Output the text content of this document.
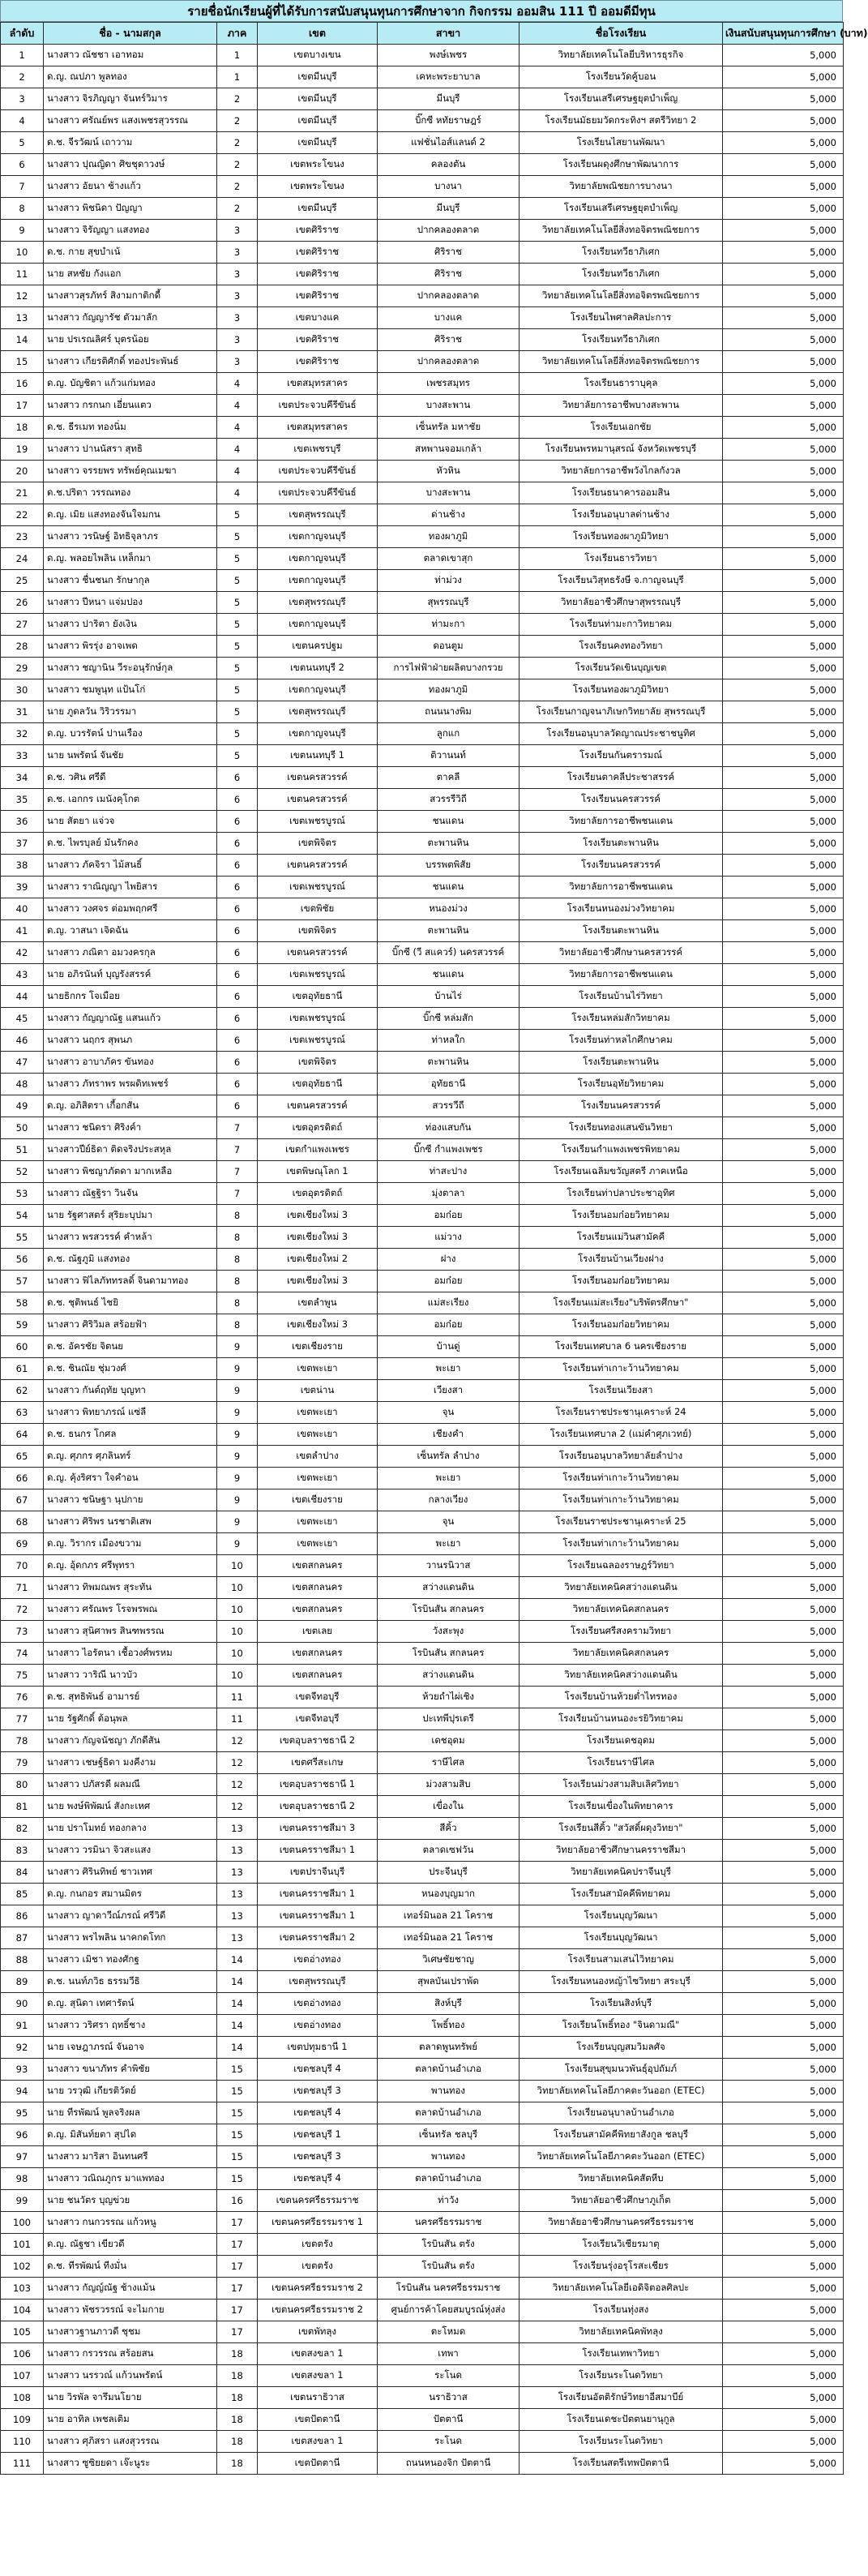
รายชื่อนักเรียนผู้ที่ได้รับการสนับสนุนทุนการศึกษาจาก กิจกรรม ออมสิน 111 ปี ออมดีมีทุน
ลำดับ	ชื่อ - นามสกุล	ภาค	เขต	สาขา	ชื่อโรงเรียน	เงินสนับสนุนทุนการศึกษา (บาท)
1	นางสาว ณัชชา เอาทอม	1	เขตบางเขน	พงษ์เพชร	วิทยาลัยเทคโนโลยีบริหารธุรกิจ	5,000
2	ด.ญ. ณปภา พูลทอง	1	เขตมีนบุรี	เคหะพระยาบาล	โรงเรียนวัดคู้บอน	5,000
3	นางสาว จิรภิญญา จันทร์วิมาร	2	เขตมีนบุรี	มีนบุรี	โรงเรียนเสรีเศรษฐยุตบำเพ็ญ	5,000
4	นางสาว ศรัณย์พร แสงเพชรสุวรรณ	2	เขตมีนบุรี	บิ๊กซี หทัยราษฎร์	โรงเรียนมัธยมวัดกระทิงฯ สตรีวิทยา 2	5,000
5	ด.ช. จีรวัฒน์ เถาวาม	2	เขตมีนบุรี	แฟชั่นไอส์แลนด์ 2	โรงเรียนไสยานพัฒนา	5,000
6	นางสาว ปุณญิดา ศิขชุดาวงษ์	2	เขตพระโขนง	คลองตัน	โรงเรียนผดุงศึกษาพัฒนาการ	5,000
7	นางสาว อัยนา ช้างแก้ว	2	เขตพระโขนง	บางนา	วิทยาลัยพณิชยการบางนา	5,000
8	นางสาว พิชนิดา ปัญญา	2	เขตมีนบุรี	มีนบุรี	โรงเรียนเสรีเศรษฐยุตบำเพ็ญ	5,000
9	นางสาว จิรัญญา แสงทอง	3	เขตศิริราช	ปากคลองตลาด	วิทยาลัยเทคโนโลยีสิ่งทอจิตรพณิชยการ	5,000
10	ด.ช. กาย สุขบำเน้	3	เขตศิริราช	ศิริราช	โรงเรียนทวีธาภิเศก	5,000
11	นาย สหชัย กังแอก	3	เขตศิริราช	ศิริราช	โรงเรียนทวีธาภิเศก	5,000
12	นางสาวสุรภัทร์ สิงามกาติกดี้	3	เขตศิริราช	ปากคลองตลาด	วิทยาลัยเทคโนโลยีสิ่งทอจิตรพณิชยการ	5,000
13	นางสาว กัญญารัช ตัวมาลัก	3	เขตบางแค	บางแค	โรงเรียนไพศาลศิลปะการ	5,000
14	นาย ปรเรณลิศร์ บุตรน้อย	3	เขตศิริราช	ศิริราช	โรงเรียนทวีธาภิเศก	5,000
15	นางสาว เกียรติศักดิ์ ทองประพันธ์	3	เขตศิริราช	ปากคลองตลาด	วิทยาลัยเทคโนโลยีสิ่งทอจิตรพณิชยการ	5,000
16	ด.ญ. บัญชิตา แก้วแก่มทอง	4	เขตสมุทรสาคร	เพชรสมุทร	โรงเรียนธาราบุคุล	5,000
17	นางสาว กรกนก เอี่ยนแตว	4	เขตประจวบคีรีขันธ์	บางสะพาน	วิทยาลัยการอาชีพบางสะพาน	5,000
18	ด.ช. ธีรเมท ทองนิ่ม	4	เขตสมุทรสาคร	เซ็นทรัล มหาชัย	โรงเรียนเอกชัย	5,000
19	นางสาว ปานนัสรา สุทธิ	4	เขตเพชรบุรี	สหพานจอมเกล้า	โรงเรียนพรหมานุสรณ์ จังหวัดเพชรบุรี	5,000
20	นางสาว จรรยพร ทรัพย์คุณเมฆา	4	เขตประจวบคีรีขันธ์	หัวหิน	วิทยาลัยการอาชีพวังไกลกังวล	5,000
21	ด.ช.ปริตา วรรณทอง	4	เขตประจวบคีรีขันธ์	บางสะพาน	โรงเรียนธนาคารออมสิน	5,000
22	ด.ญ. เมิย แสงทองจันใจมกน	5	เขตสุพรรณบุรี	ด่านช้าง	โรงเรียนอนุบาลด่านช้าง	5,000
23	นางสาว วรนิษฐ์ อิทธิจุลาภร	5	เขตกาญจนบุรี	ทองผาภูมิ	โรงเรียนทองผาภูมิวิทยา	5,000
24	ด.ญ. พลอยไพลิน เหล็กมา	5	เขตกาญจนบุรี	ตลาดเขาสุก	โรงเรียนธารวิทยา	5,000
25	นางสาว ชื่นชนก รักษากุล	5	เขตกาญจนบุรี	ท่าม่วง	โรงเรียนวิสุทธรังษี จ.กาญจนบุรี	5,000
26	นางสาว ปีหนา แจ่มปอง	5	เขตสุพรรณบุรี	สุพรรณบุรี	วิทยาลัยอาชีวศึกษาสุพรรณบุรี	5,000
27	นางสาว ปาริตา ยังเงิน	5	เขตกาญจนบุรี	ท่ามะกา	โรงเรียนท่ามะกาวิทยาคม	5,000
28	นางสาว พิรรุ่ง อาจเพด	5	เขตนครปฐม	ดอนตูม	โรงเรียนคงทองวิทยา	5,000
29	นางสาว ชญานิน วีระอนุรักษ์กุล	5	เขตนนทบุรี 2	การไฟฟ้าฝ่ายผลิตบางกรวย	โรงเรียนวัดเขินบุญเขต	5,000
30	นางสาว ชมพูนุท แป้นโก่	5	เขตกาญจนบุรี	ทองผาภูมิ	โรงเรียนทองผาภูมิวิทยา	5,000
31	นาย ภูดลวัน วิริวรรมา	5	เขตสุพรรณบุรี	ถนนนางพิม	โรงเรียนกาญจนาภิเษกวิทยาลัย สุพรรณบุรี	5,000
32	ด.ญ. บวรรัตน์ ปานเรือง	5	เขตกาญจนบุรี	ลูกแก	โรงเรียนอนุบาลวัดญาณประชาชนูทิศ	5,000
33	นาย นพรัตน์ จันชัย	5	เขตนนทบุรี 1	ติวานนท์	โรงเรียนกันตรารมณ์	5,000
34	ด.ช. วศิน ศรีดี	6	เขตนครสวรรค์	ตาคลี	โรงเรียนตาคลีประชาสรรค์	5,000
35	ด.ช. เอกกร เมนังคุโกต	6	เขตนครสวรรค์	สวรรรีวิถี	โรงเรียนนครสวรรค์	5,000
36	นาย สัตยา แจ่วจ	6	เขตเพชรบูรณ์	ชนแดน	วิทยาลัยการอาชีพชนแดน	5,000
37	ด.ช. ไพรบุลย์ มันรักคง	6	เขตพิจิตร	ตะพานหิน	โรงเรียนตะพานหิน	5,000
38	นางสาว ภัคจิรา ไม้สนธิ์	6	เขตนครสวรรค์	บรรพตพิสัย	โรงเรียนนครสวรรค์	5,000
39	นางสาว ราณิญญา ไพยิสาร	6	เขตเพชรบูรณ์	ชนแดน	วิทยาลัยการอาชีพชนแดน	5,000
40	นางสาว วงศจร ต่อมพฤกศรี	6	เขตพิชัย	หนองม่วง	โรงเรียนหนองม่วงวิทยาคม	5,000
41	ด.ญ. วาสนา เจิดฉัน	6	เขตพิจิตร	ตะพานหิน	โรงเรียนตะพานหิน	5,000
42	นางสาว ภณิตา อมวงครกุล	6	เขตนครสวรรค์	บิ๊กซี (วี สแควร์) นครสวรรค์	วิทยาลัยอาชีวศึกษานครสวรรค์	5,000
43	นาย อภิรนันท์ บุญรังสรรค์	6	เขตเพชรบูรณ์	ชนแดน	วิทยาลัยการอาชีพชนแดน	5,000
44	นายธิกกร โจเมือย	6	เขตอุทัยธานี	บ้านไร่	โรงเรียนบ้านไร่วิทยา	5,000
45	นางสาว กัญญาณัฐ แสนแก้ว	6	เขตเพชรบูรณ์	บิ๊กซี หล่มสัก	โรงเรียนหล่มสักวิทยาคม	5,000
46	นางสาว นฤกร สุพนภ	6	เขตเพชรบูรณ์	ท่าหลใก	โรงเรียนท่าหลไกศึกษาคม	5,000
47	นางสาว อาบาภัคร ขันทอง	6	เขตพิจิตร	ตะพานหิน	โรงเรียนตะพานหิน	5,000
48	นางสาว ภัทราพร พรผดิทเพชร์	6	เขตอุทัยธานี	อุทัยธานี	โรงเรียนอุทัยวิทยาคม	5,000
49	ด.ญ. อภิสิตรา เกี้อกสัน	6	เขตนครสวรรค์	สวรรวีถี	โรงเรียนนครสวรรค์	5,000
50	นางสาว ชนิดรา ศิริงค์า	7	เขตอุตรดิตถ์	ท่องแสบกัน	โรงเรียนทองแสนขันวิทยา	5,000
51	นางสาวปีย์ธิดา ติดจริงประสหุล	7	เขตกำแพงเพชร	บิ๊กซี กำแพงเพชร	โรงเรียนกำแพงเพชรพิทยาคม	5,000
52	นางสาว พิชญาภัตดา มากเหลือ	7	เขตพิษณุโลก 1	ท่าสะปาง	โรงเรียนเฉลิมขวัญสตรี ภาคเหนือ	5,000
53	นางสาว ณัฐฐิรา วินจัน	7	เขตอุตรดิตถ์	มุ่งตาลา	โรงเรียนท่าปลาประชาอุทิศ	5,000
54	นาย รัฐศาสตร์ สุริยะบุปมา	8	เขตเชียงใหม่ 3	อมก๋อย	โรงเรียนอมก๋อยวิทยาคม	5,000
55	นางสาว พรสวรรค์ คำหล้า	8	เขตเชียงใหม่ 3	แม่วาง	โรงเรียนแม่วินสามัคคี	5,000
56	ด.ช. ณัฐภูมิ แสงทอง	8	เขตเชียงใหม่ 2	ฝาง	โรงเรียนบ้านเวียงฝาง	5,000
57	นางสาว ฟิไลภัททรลดิ์ จินดามาทอง	8	เขตเชียงใหม่ 3	อมก๋อย	โรงเรียนอมก๋อยวิทยาคม	5,000
58	ด.ช. ชุติพนธ์ ไชยิ	8	เขตลำพูน	แม่สะเรียง	โรงเรียนแม่สะเรียง"บริพัตรศึกษา"	5,000
59	นางสาว ศิริวิมล สร้อยฟ้า	8	เขตเชียงใหม่ 3	อมก๋อย	โรงเรียนอมก๋อยวิทยาคม	5,000
60	ด.ช. อัครชัย จิตนย	9	เขตเชียงราย	บ้านดู่	โรงเรียนเทศบาล 6 นครเชียงราย	5,000
61	ด.ช. ชินณัย ชุ่มวงศ์	9	เขตพะเยา	พะเยา	โรงเรียนท่าเกาะว้านวิทยาคม	5,000
62	นางสาว กันต์ฤทัย บุญทา	9	เขตน่าน	เวียงสา	โรงเรียนเวียงสา	5,000
63	นางสาว พิทยาภรณ์ แซ่ลี	9	เขตพะเยา	จุน	โรงเรียนราชประชานุเคราะห์ 24	5,000
64	ด.ช. ธนกร โกศล	9	เขตพะเยา	เชียงคำ	โรงเรียนเทศบาล 2 (แม่คำศุภเวทย์)	5,000
65	ด.ญ. ศุภกร ศุภลินทร์	9	เขตลำปาง	เซ็นทรัล ลำปาง	โรงเรียนอนุบาลวิทยาลัยลำปาง	5,000
66	ด.ญ. คุ้งริศรา ใจคำอน	9	เขตพะเยา	พะเยา	โรงเรียนท่าเกาะว้านวิทยาคม	5,000
67	นางสาว ชนิษฐา นุปกาย	9	เขตเชียงราย	กลางเวียง	โรงเรียนท่าเกาะว้านวิทยาคม	5,000
68	นางสาว ศิริพร นรชาติเสพ	9	เขตพะเยา	จุน	โรงเรียนราชประชานุเคราะห์ 25	5,000
69	ด.ญ. วิรากร เมืองขวาม	9	เขตพะเยา	พะเยา	โรงเรียนท่าเกาะว้านวิทยาคม	5,000
70	ด.ญ. อุ้ดกภร ศรีพุทรา	10	เขตสกลนคร	วานรนิวาส	โรงเรียนฉลองราษฎร์วิทยา	5,000
71	นางสาว ทิพมณพร สุระทัน	10	เขตสกลนคร	สว่างแดนดิน	วิทยาลัยเทคนิคสว่างแดนดิน	5,000
72	นางสาว ศรัณพร โรจพรพณ	10	เขตสกลนคร	โรบินสัน สกลนคร	วิทยาลัยเทคนิคสกลนคร	5,000
73	นางสาว สุนิศาพร สินฑพรรณ	10	เขตเลย	วังสะพุง	โรงเรียนศรีสงครามวิทยา	5,000
74	นางสาว ไอรัตนา เชื้อวงศ์พรหม	10	เขตสกลนคร	โรบินสัน สกลนคร	วิทยาลัยเทคนิคสกลนคร	5,000
75	นางสาว วาริณี นาวบัว	10	เขตสกลนคร	สว่างแดนดิน	วิทยาลัยเทคนิคสว่างแดนดิน	5,000
76	ด.ช. สุทธิพันธ์ อามารย์	11	เขตจีทอบุรี	ห้วยถำไผ่เชิง	โรงเรียนบ้านห้วยต่ำไทรทอง	5,000
77	นาย รัฐศักดิ์ ต้อนุพล	11	เขตจีทอบุรี	ปะเทพีปุรเตรี	โรงเรียนบ้านหนองะรยิวิทยาคม	5,000
78	นางสาว กัญจนัชญา ภักดีสัน	12	เขตอุบลราชธานี 2	เดชอุดม	โรงเรียนเดชอุดม	5,000
79	นางสาว เชษฐ์ธิดา มงคีงาม	12	เขตศรีสะเกษ	ราษีไศล	โรงเรียนราษีไศล	5,000
80	นางสาว ปภัสรดี ผลมณี	12	เขตอุบลราชธานี 1	ม่วงสามสิบ	โรงเรียนม่วงสามสิบเลิศวิทยา	5,000
81	นาย พงษ์พิพัฒน์ สังกะเหศ	12	เขตอุบลราชธานี 2	เขื่องใน	โรงเรียนเขื่องในพิทยาคาร	5,000
82	นาย ปราโมทย์ ทองกลาง	13	เขตนครราชสีมา 3	สีคิ้ว	โรงเรียนสีคิ้ว "สวัสดิ์ผดุงวิทยา"	5,000
83	นางสาว วรมินา จิวสะแสง	13	เขตนครราชสีมา 1	ตลาดเซฟวัน	วิทยาลัยอาชีวศึกษานครราชสีมา	5,000
84	นางสาว ศิรินทิพย์ ชาวเทศ	13	เขตปราจีนบุรี	ประจีนบุรี	วิทยาลัยเทคนิคปราจีนบุรี	5,000
85	ด.ญ. กนกอร สมานมิตร	13	เขตนครราชสีมา 1	หนองบุญมาก	โรงเรียนสามัคคีพิทยาคม	5,000
86	นางสาว ญาดาวีณ์ภรณ์ ศรีวิดี	13	เขตนครราชสีมา 1	เทอร์มินอล 21 โคราช	โรงเรียนบุญวัฒนา	5,000
87	นางสาว พรไพลิน นาคกดโทก	13	เขตนครราชสีมา 2	เทอร์มินอล 21 โคราช	โรงเรียนบุญวัฒนา	5,000
88	นางสาว เมิชา ทองศักฐ	14	เขตอ่างทอง	วิเศษชัยชาญ	โรงเรียนสามเสนไวิทยาคม	5,000
89	ด.ช. นนท์ภวิธ ธรรมวีธิ	14	เขตสุพรรณบุรี	สุพลบันเปราพ้ด	โรงเรียนหนองหญ้าไซวิทยา สระบุรี	5,000
90	ด.ญ. สุนิดา เทศารัตน์	14	เขตอ่างทอง	สิงห์บุรี	โรงเรียนสิงห์บุรี	5,000
91	นางสาว วริศรา ฤทธิ์ชาง	14	เขตอ่างทอง	โพธิ์ทอง	โรงเรียนโพธิ์ทอง "จินดามณี"	5,000
92	นาย เจษฎาภรณ์ จันอาจ	14	เขตปทุมธานี 1	ตลาดพูนทรัพย์	โรงเรียนบุญสมวิมลศัจ	5,000
93	นางสาว ขนาภัทร คำพิชัย	15	เขตชลบุรี 4	ตลาดบ้านอำเภอ	โรงเรียนสุขุมนวพันธ์ุอุปถัมภ์	5,000
94	นาย วรวุฒิ เกียรติวัตย์	15	เขตชลบุรี 3	พานทอง	วิทยาลัยเทคโนโลยีภาคตะวันออก (ETEC)	5,000
95	นาย ทีรพัฒน์ พูลจริงผล	15	เขตชลบุรี 4	ตลาดบ้านอำเภอ	โรงเรียนอนุบาลบ้านอำเภอ	5,000
96	ด.ญ. มิสันท์ยตา สุปได	15	เขตชลบุรี 1	เซ็นทรัล ชลบุรี	โรงเรียนสามัคคีพิทยาสังกูล ชลบุรี	5,000
97	นางสาว มาริสา อินทนศรี	15	เขตชลบุรี 3	พานทอง	วิทยาลัยเทคโนโลยีภาคตะวันออก (ETEC)	5,000
98	นางสาว วณิณภูกร มาแพทอง	15	เขตชลบุรี 4	ตลาดบ้านอำเภอ	วิทยาลัยเทคนิคสัตหีบ	5,000
99	นาย ชนวัตร บุญข่วย	16	เขตนครศรีธรรมราช	ท่าวัง	วิทยาลัยอาชีวศึกษาภูเก็ต	5,000
100	นางสาว กนกวรรณ แก้วหนู	17	เขตนครศรีธรรมราช 1	นครศรีธรรมราช	วิทยาลัยอาชีวศึกษานครศรีธรรมราช	5,000
101	ด.ญ. ณัฐชา เขียวดี	17	เขตตรัง	โรบินสัน ตรัง	โรงเรียนวิเชียรมาตุ	5,000
102	ด.ช. ทีรพัฒน์ ทีงมั่น	17	เขตตรัง	โรบินสัน ตรัง	โรงเรียนรุ่งอรุโรสะเชียร	5,000
103	นางสาว กัญญ์ณัฐ ช้างแม้น	17	เขตนครศรีธรรมราช 2	โรบินสัน นครศรีธรรมราช	วิทยาลัยเทคโนโลยีเอดิจิตอลศิลปะ	5,000
104	นางสาว พัชรวรรณ์ จะไมกาย	17	เขตนครศรีธรรมราช 2	ศูนย์การค้าโคยสมบูรณ์หุ่งส่ง	โรงเรียนทุ่งสง	5,000
105	นางสาวฐานภาวดี ชุชม	17	เขตพัทลุง	ตะโหมด	วิทยาลัยเทคนิคพัทลุง	5,000
106	นางสาว กรวรรณ สร้อยสน	18	เขตสงขลา 1	เทพา	โรงเรียนเทพาวิทยา	5,000
107	นางสาว นรรวณ์ แก้วนพรัตน์	18	เขตสงขลา 1	ระโนด	โรงเรียนระโนดวิทยา	5,000
108	นาย วิรพัล จารึมนโยาย	18	เขตนราธิวาส	นราธิวาส	โรงเรียนอัตติรักษ์วิทยาอีสมาบีย์	5,000
109	นาย อาทิล เพชลเติม	18	เขตปัตตานี	ปัตตานี	โรงเรียนเดชะปัตตนยานุกูล	5,000
110	นางสาว ศุภิสรา แสงสุวรรณ	18	เขตสงขลา 1	ระโนด	โรงเรียนระโนดวิทยา	5,000
111	นางสาว ซูซิยยดา เจ๊ะนูระ	18	เขตปัตตานี	ถนนหนองจิก ปัตตานี	โรงเรียนสตรีเทพปัตตานี	5,000
